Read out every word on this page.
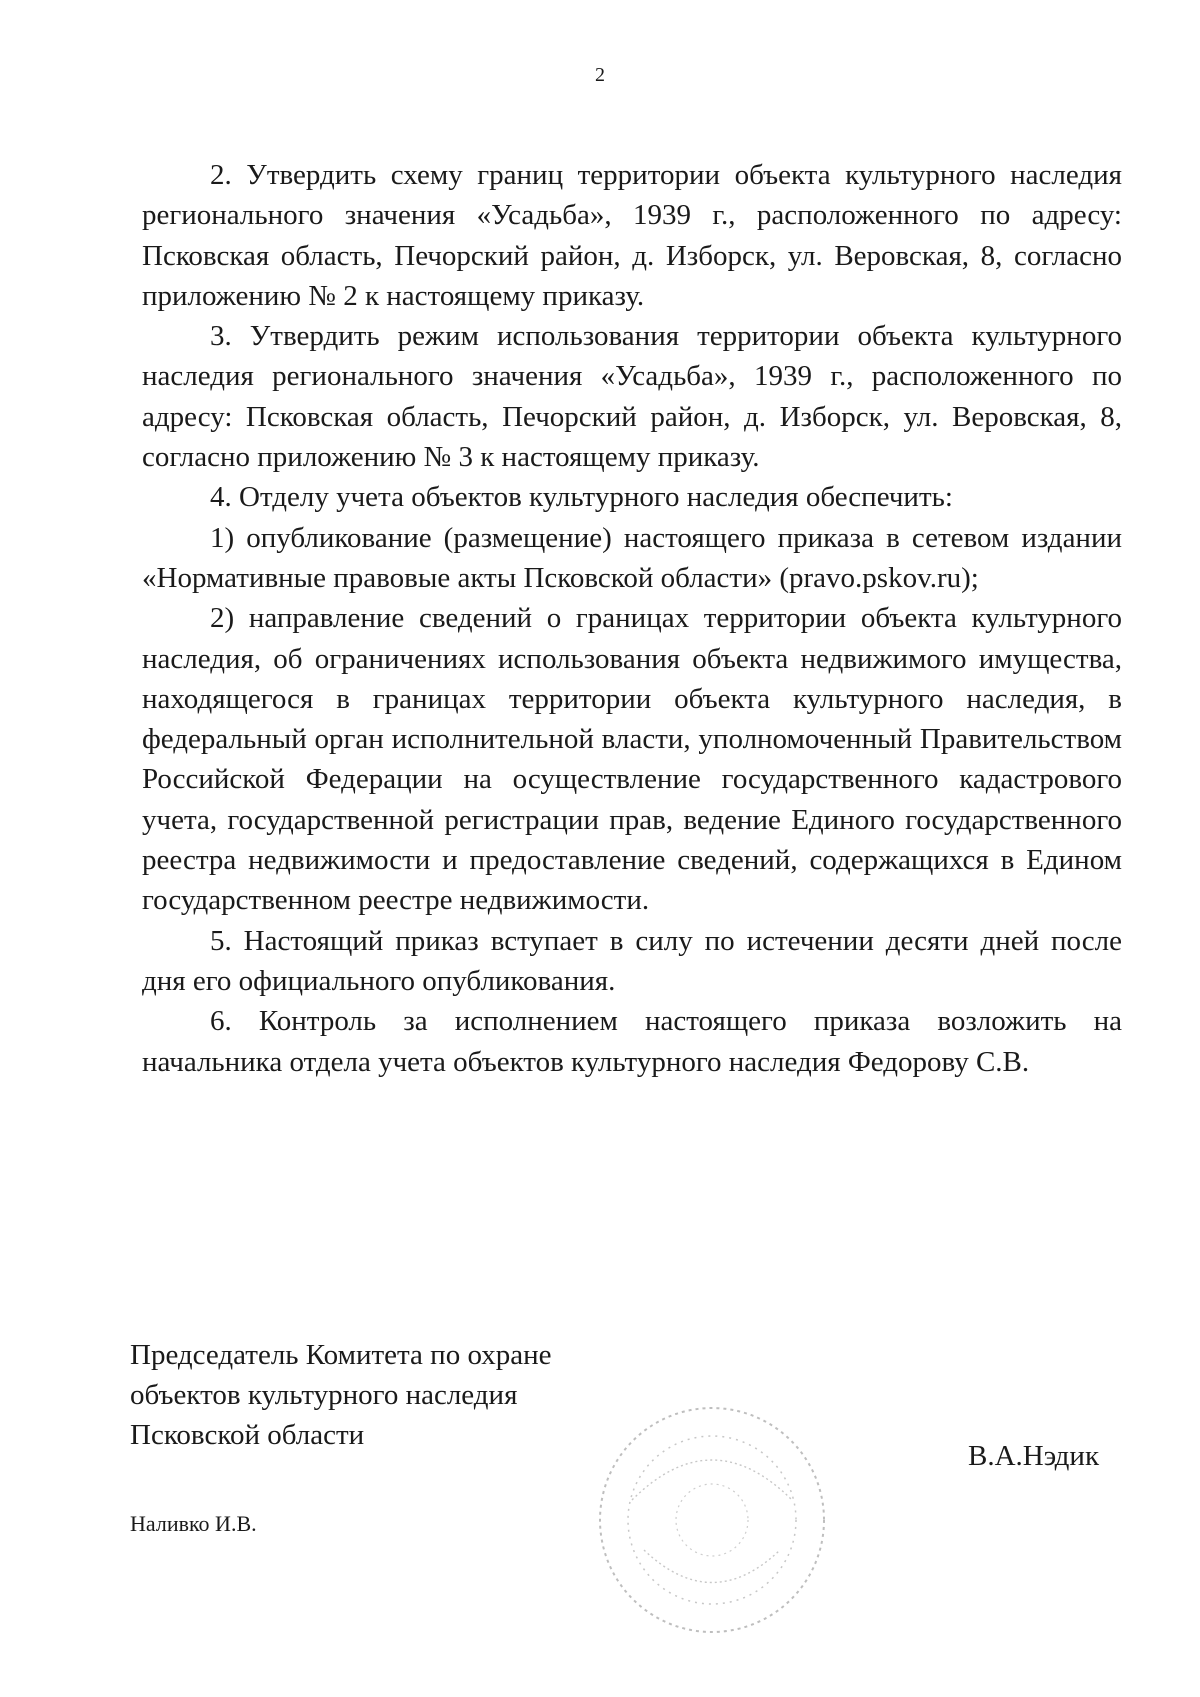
2

2. Утвердить схему границ территории объекта культурного наследия регионального значения «Усадьба», 1939 г., расположенного по адресу: Псковская область, Печорский район, д. Изборск, ул. Веровская, 8, согласно приложению № 2 к настоящему приказу.

3. Утвердить режим использования территории объекта культурного наследия регионального значения «Усадьба», 1939 г., расположенного по адресу: Псковская область, Печорский район, д. Изборск, ул. Веровская, 8, согласно приложению № 3 к настоящему приказу.

4. Отделу учета объектов культурного наследия обеспечить:

1) опубликование (размещение) настоящего приказа в сетевом издании «Нормативные правовые акты Псковской области» (pravo.pskov.ru);

2) направление сведений о границах территории объекта культурного наследия, об ограничениях использования объекта недвижимого имущества, находящегося в границах территории объекта культурного наследия, в федеральный орган исполнительной власти, уполномоченный Правительством Российской Федерации на осуществление государственного кадастрового учета, государственной регистрации прав, ведение Единого государственного реестра недвижимости и предоставление сведений, содержащихся в Едином государственном реестре недвижимости.

5. Настоящий приказ вступает в силу по истечении десяти дней после дня его официального опубликования.

6. Контроль за исполнением настоящего приказа возложить на начальника отдела учета объектов культурного наследия Федорову С.В.

Председатель Комитета по охране
объектов культурного наследия
Псковской области
В.А.Нэдик
Наливко И.В.
